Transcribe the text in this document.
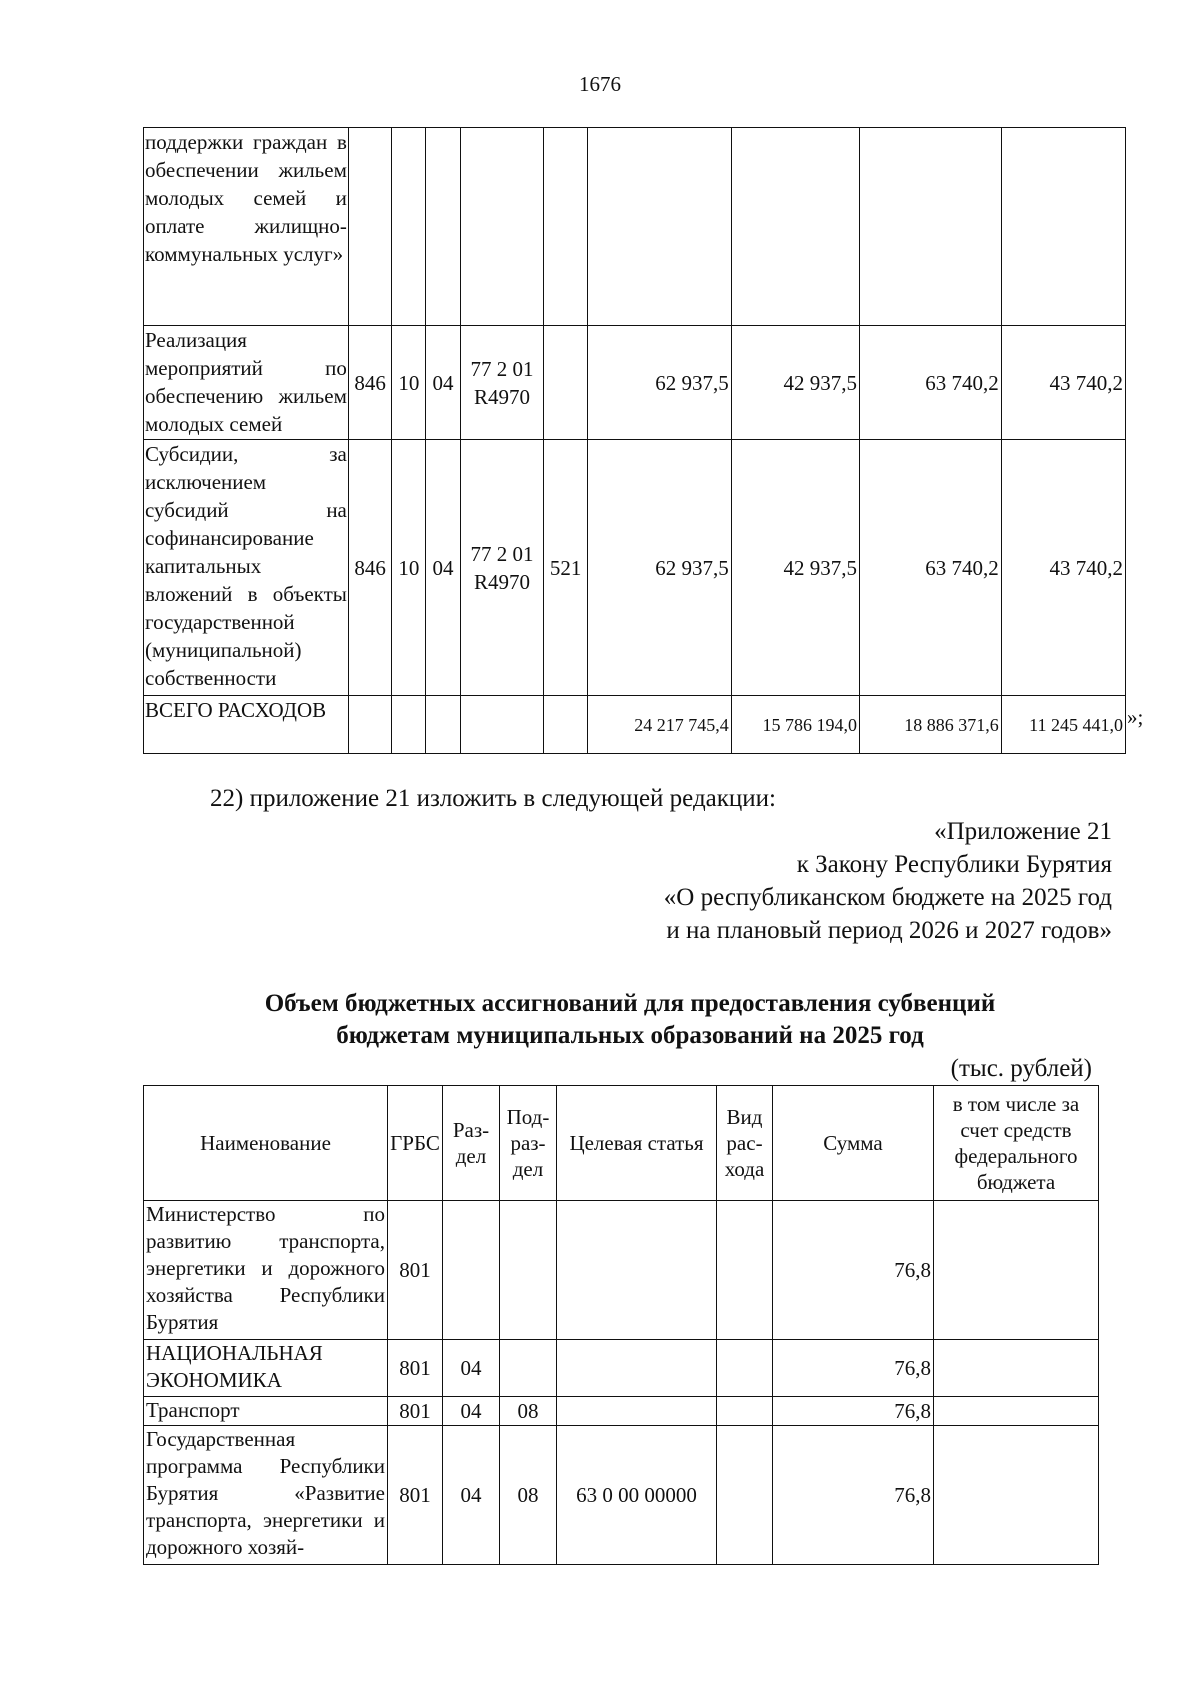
1676
поддержки граждан в обеспечении жильем молодых семей и оплате жилищно-коммунальных услуг»									
Реализация мероприятий по обеспечению жильем молодых семей	846	10	04	77 2 01 R4970		62 937,5	42 937,5	63 740,2	43 740,2
Субсидии, за исключением субсидий на софинансирование капитальных вложений в объекты государственной (муниципальной) собственности	846	10	04	77 2 01 R4970	521	62 937,5	42 937,5	63 740,2	43 740,2
ВСЕГО РАСХОДОВ						24 217 745,4	15 786 194,0	18 886 371,6	11 245 441,0 »;
22) приложение 21 изложить в следующей редакции:
«Приложение 21
к Закону Республики Бурятия
«О республиканском бюджете на 2025 год
и на плановый период 2026 и 2027 годов»
Объем бюджетных ассигнований для предоставления субвенций
бюджетам муниципальных образований на 2025 год
(тыс. рублей)
Наименование	ГРБС	Раз-дел	Под-раз-дел	Целевая статья	Вид рас-хода	Сумма	в том числе за счет средств федерального бюджета
Министерство по развитию транспорта, энергетики и дорожного хозяйства Республики Бурятия	801					76,8	
НАЦИОНАЛЬНАЯ ЭКОНОМИКА	801	04				76,8	
Транспорт	801	04	08			76,8	
Государственная программа Республики Бурятия «Развитие транспорта, энергетики и дорожного хозяй-	801	04	08	63 0 00 00000		76,8	
